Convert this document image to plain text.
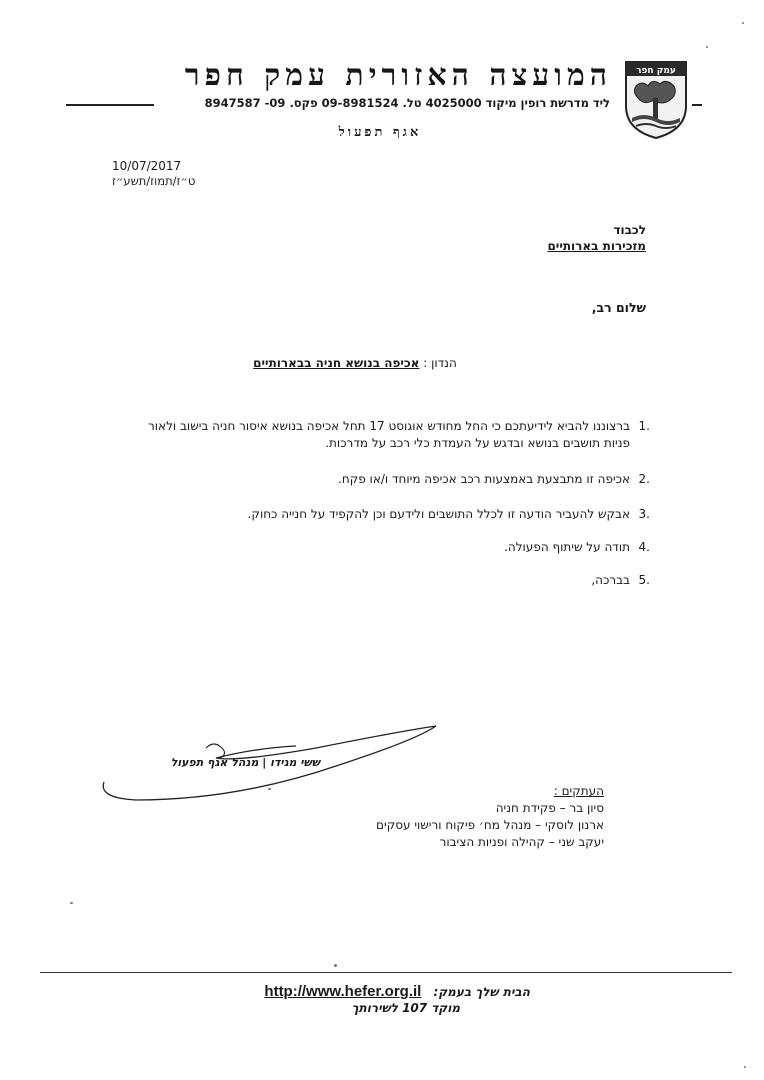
עמק חפר
המועצה האזורית עמק חפר
ליד מדרשת רופין מיקוד 4025000 טל. 09-8981524 פקס. 09- 8947587
אגף תפעול
10/07/2017
ט״ז/תמוז/תשע״ז
לכבוד
מזכירות בארותיים
שלום רב,
הנדון : אכיפה בנושא חניה בבארותיים
1.
ברצוננו להביא לידיעתכם כי החל מחודש אוגוסט 17 תחל אכיפה בנושא איסור חניה בישוב ולאור פניות תושבים בנושא ובדגש על העמדת כלי רכב על מדרכות.
2.
אכיפה זו מתבצעת באמצעות רכב אכיפה מיוחד ו/או פקח.
3.
אבקש להעביר הודעה זו לכלל התושבים ולידעם וכן להקפיד על חנייה כחוק.
4.
תודה על שיתוף הפעולה.
5.
בברכה,
ששי מגידו | מנהל אגף תפעול
העתקים :
סיון בר – פקידת חניה
ארנון לוסקי – מנהל מח׳ פיקוח ורישוי עסקים
יעקב שני – קהילה ופניות הציבור
הבית שלך בעמק: http://www.hefer.org.il
מוקד 107 לשירותך
